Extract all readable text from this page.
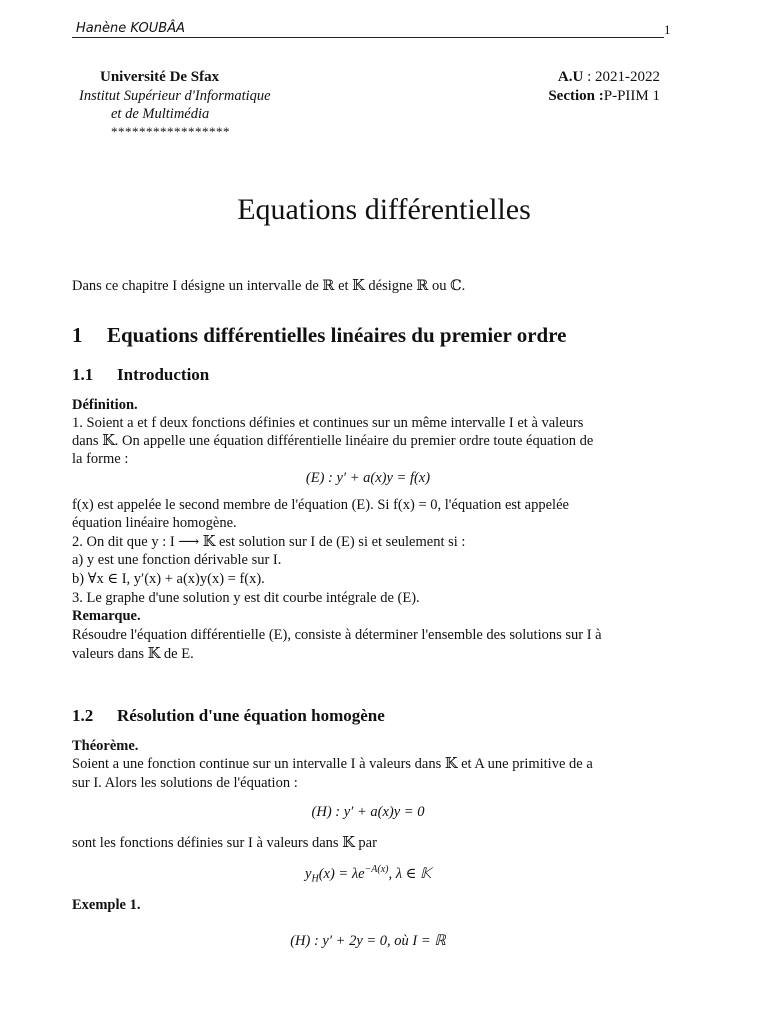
Hanène KOUBÂA	1
Université De Sfax
Institut Supérieur d'Informatique
et de Multimédia
*****************
A.U : 2021-2022
Section :P-PIIM 1
Equations différentielles
Dans ce chapitre I désigne un intervalle de ℝ et 𝕂 désigne ℝ ou ℂ.
1 Equations différentielles linéaires du premier ordre
1.1 Introduction
Définition.
1. Soient a et f deux fonctions définies et continues sur un même intervalle I et à valeurs
dans 𝕂. On appelle une équation différentielle linéaire du premier ordre toute équation de
la forme :
(E) : y′ + a(x)y = f(x)
f(x) est appelée le second membre de l'équation (E). Si f(x) = 0, l'équation est appelée
équation linéaire homogène.
2. On dit que y : I ⟶ 𝕂 est solution sur I de (E) si et seulement si :
a) y est une fonction dérivable sur I.
b) ∀x ∈ I, y′(x) + a(x)y(x) = f(x).
3. Le graphe d'une solution y est dit courbe intégrale de (E).
Remarque.
Résoudre l'équation différentielle (E), consiste à déterminer l'ensemble des solutions sur I à
valeurs dans 𝕂 de E.
1.2 Résolution d'une équation homogène
Théorème.
Soient a une fonction continue sur un intervalle I à valeurs dans 𝕂 et A une primitive de a
sur I. Alors les solutions de l'équation :
(H) : y′ + a(x)y = 0
sont les fonctions définies sur I à valeurs dans 𝕂 par
$y_H(x) = \lambda e^{-A(x)}$, λ ∈ 𝕂
Exemple 1.
(H) : y′ + 2y = 0, où I = ℝ
